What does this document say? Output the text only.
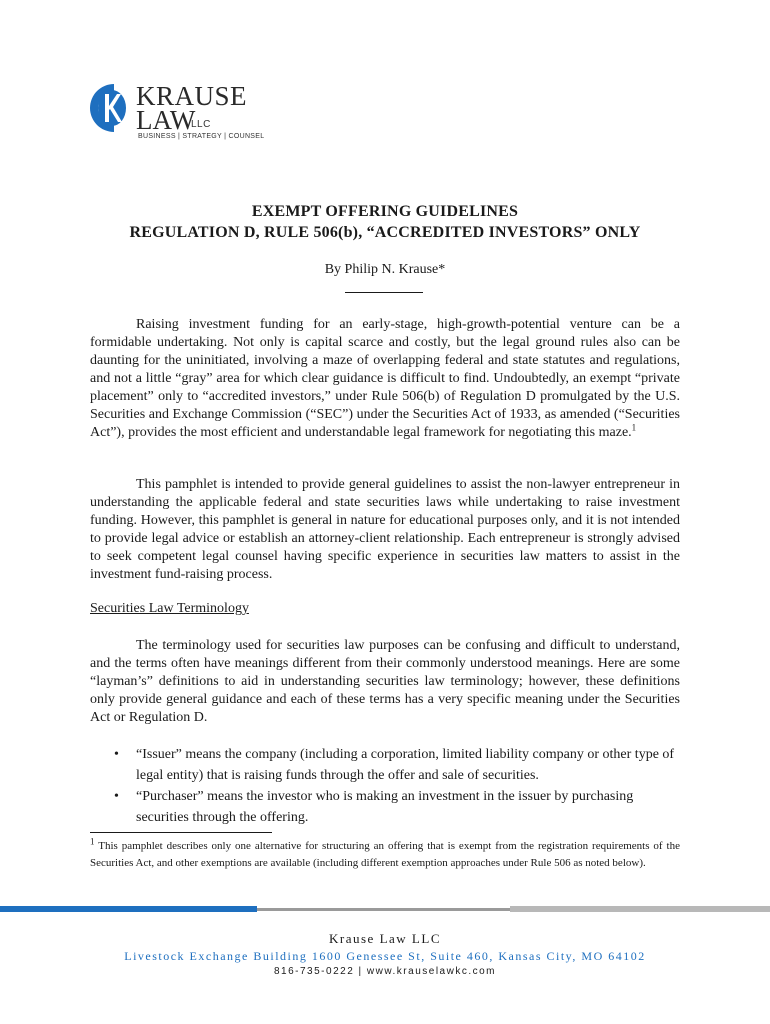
KRAUSE
LAW
LLC
BUSINESS | STRATEGY | COUNSEL
EXEMPT OFFERING GUIDELINES
REGULATION D, RULE 506(b), “ACCREDITED INVESTORS” ONLY
By Philip N. Krause*

Raising investment funding for an early-stage, high-growth-potential venture can be a formidable undertaking. Not only is capital scarce and costly, but the legal ground rules also can be daunting for the uninitiated, involving a maze of overlapping federal and state statutes and regulations, and not a little “gray” area for which clear guidance is difficult to find. Undoubtedly, an exempt “private placement” only to “accredited investors,” under Rule 506(b) of Regulation D promulgated by the U.S. Securities and Exchange Commission (“SEC”) under the Securities Act of 1933, as amended (“Securities Act”), provides the most efficient and understandable legal framework for negotiating this maze.$^1$

This pamphlet is intended to provide general guidelines to assist the non-lawyer entrepreneur in understanding the applicable federal and state securities laws while undertaking to raise investment funding. However, this pamphlet is general in nature for educational purposes only, and it is not intended to provide legal advice or establish an attorney-client relationship. Each entrepreneur is strongly advised to seek competent legal counsel having specific experience in securities law matters to assist in the investment fund-raising process.

Securities Law Terminology

The terminology used for securities law purposes can be confusing and difficult to understand, and the terms often have meanings different from their commonly understood meanings. Here are some “layman’s” definitions to aid in understanding securities law terminology; however, these definitions only provide general guidance and each of these terms has a very specific meaning under the Securities Act or Regulation D.

• “Issuer” means the company (including a corporation, limited liability company or other type of legal entity) that is raising funds through the offer and sale of securities.
• “Purchaser” means the investor who is making an investment in the issuer by purchasing securities through the offering.

$^1$ This pamphlet describes only one alternative for structuring an offering that is exempt from the registration requirements of the Securities Act, and other exemptions are available (including different exemption approaches under Rule 506 as noted below).

Krause Law LLC
Livestock Exchange Building 1600 Genessee St, Suite 460, Kansas City, MO 64102
816-735-0222 | www.krauselawkc.com
